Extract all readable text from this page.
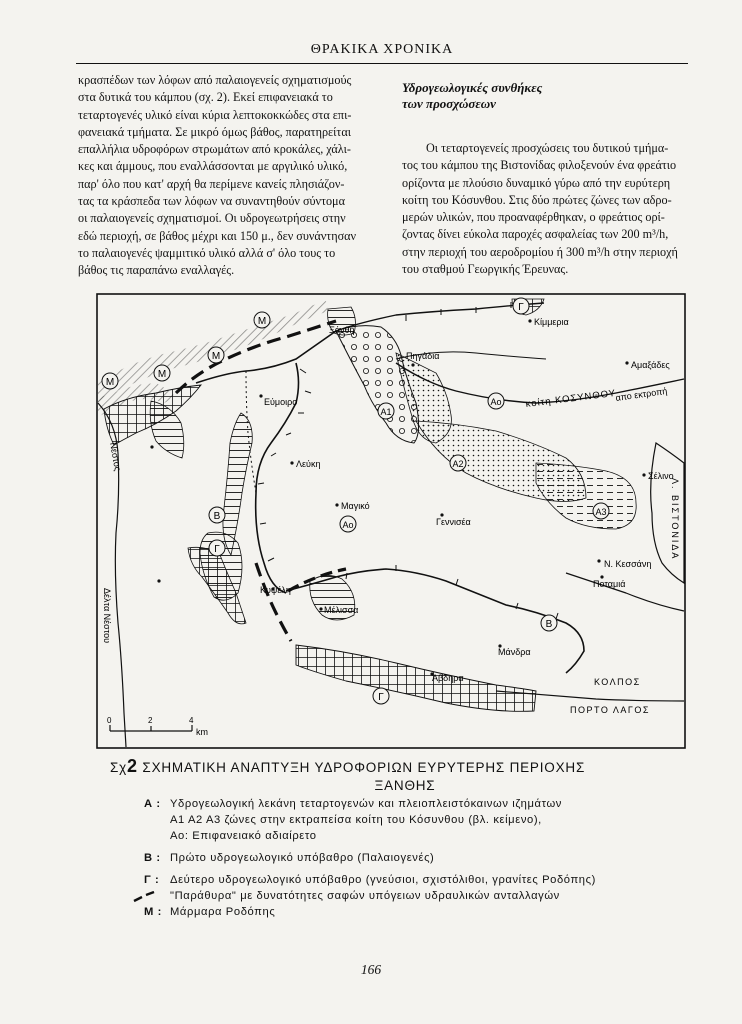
ΘΡΑΚΙΚΑ ΧΡΟΝΙΚΑ
κρασπέδων των λόφων από παλαιογενείς σχηματισμούς
στα δυτικά του κάμπου (σχ. 2). Εκεί επιφανειακά το
τεταρτογενές υλικό είναι κύρια λεπτοκοκκώδες στα επι-
φανειακά τμήματα. Σε μικρό όμως βάθος, παρατηρείται
επαλλήλια υδροφόρων στρωμάτων από κροκάλες, χάλι-
κες και άμμους, που εναλλάσσονται με αργιλικό υλικό,
παρ' όλο που κατ' αρχή θα περίμενε κανείς πλησιάζον-
τας τα κράσπεδα των λόφων να συναντηθούν σύντομα
οι παλαιογενείς σχηματισμοί. Οι υδρογεωτρήσεις στην
εδώ περιοχή, σε βάθος μέχρι και 150 μ., δεν συνάντησαν
το παλαιογενές ψαμμιτικό υλικό αλλά σ' όλο τους το
βάθος τις παραπάνω εναλλαγές.
Υδρογεωλογικές συνθήκες
των προσχώσεων
Οι τεταρτογενείς προσχώσεις του δυτικού τμήμα-
τος του κάμπου της Βιστονίδας φιλοξενούν ένα φρεάτιο
ορίζοντα με πλούσιο δυναμικό γύρω από την ευρύτερη
κοίτη του Κόσυνθου. Στις δύο πρώτες ζώνες των αδρο-
μερών υλικών, που προαναφέρθηκαν, ο φρεάτιος ορί-
ζοντας δίνει εύκολα παροχές ασφαλείας των 200 m³/h,
στην περιοχή του αεροδρομίου ή 300 m³/h στην περιοχή
του σταθμού Γεωργικής Έρευνας.
M
M
M
M
B
Γ
B
Γ
Γ
Ao
Ao
A1
A2
A3
Κίμμερια
Ξάνθη
Αμαξάδες
Πηγάδια
Εύμοιρο
Λεύκη
Μαγικό
Γεννισέα
Σέλινο
Ν. Κεσσάνη
Ποταμιά
Κυψέλη
Μέλισσα
Μάνδρα
Άβδηρα
κοίτη ΚΟΣΥΝΘΟΥ
απο εκτροπή
Νέστος
Δέλτα Νέστου
Λ. ΒΙΣΤΟΝΙΔΑ
ΚΟΛΠΟΣ
ΠΟΡΤΟ ΛΑΓΟΣ
0	2	4
km
Σχ2 ΣΧΗΜΑΤΙΚΗ ΑΝΑΠΤΥΞΗ ΥΔΡΟΦΟΡΙΩΝ ΕΥΡΥΤΕΡΗΣ ΠΕΡΙΟΧΗΣ
ΞΑΝΘΗΣ
Α : Υδρογεωλογική λεκάνη τεταρτογενών και πλειοπλειστόκαινων ιζημάτων
Α1 Α2 Α3 ζώνες στην εκτραπείσα κοίτη του Κόσυνθου (βλ. κείμενο),
Αο: Επιφανειακό αδιαίρετο
Β : Πρώτο υδρογεωλογικό υπόβαθρο (Παλαιογενές)
Γ : Δεύτερο υδρογεωλογικό υπόβαθρο (γνεύσιοι, σχιστόλιθοι, γρανίτες Ροδόπης)
"Παράθυρα" με δυνατότητες σαφών υπόγειων υδραυλικών ανταλλαγών
Μ : Μάρμαρα Ροδόπης
166
